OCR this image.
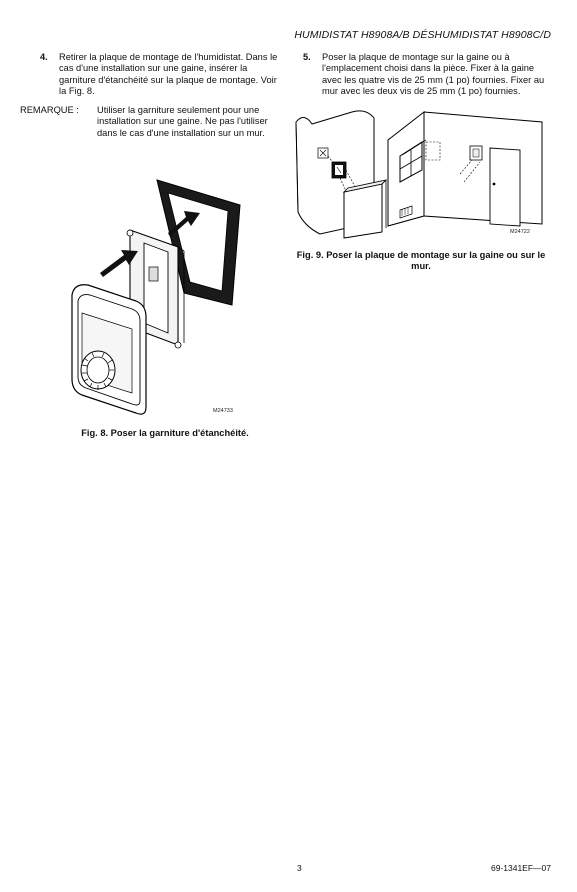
HUMIDISTAT H8908A/B DÉSHUMIDISTAT H8908C/D
4. Retirer la plaque de montage de l'humidistat. Dans le cas d'une installation sur une gaine, insérer la garniture d'étanchéité sur la plaque de montage. Voir la Fig. 8.
REMARQUE : Utiliser la garniture seulement pour une installation sur une gaine. Ne pas l'utiliser dans le cas d'une installation sur un mur.
5. Poser la plaque de montage sur la gaine ou à l'emplacement choisi dans la pièce. Fixer à la gaine avec les quatre vis de 25 mm (1 po) fournies. Fixer au mur avec les deux vis de 25 mm (1 po) fournies.
M24733
Fig. 8. Poser la garniture d'étanchéité.
M24722
Fig. 9. Poser la plaque de montage sur la gaine ou sur le mur.
3	69-1341EF—07
